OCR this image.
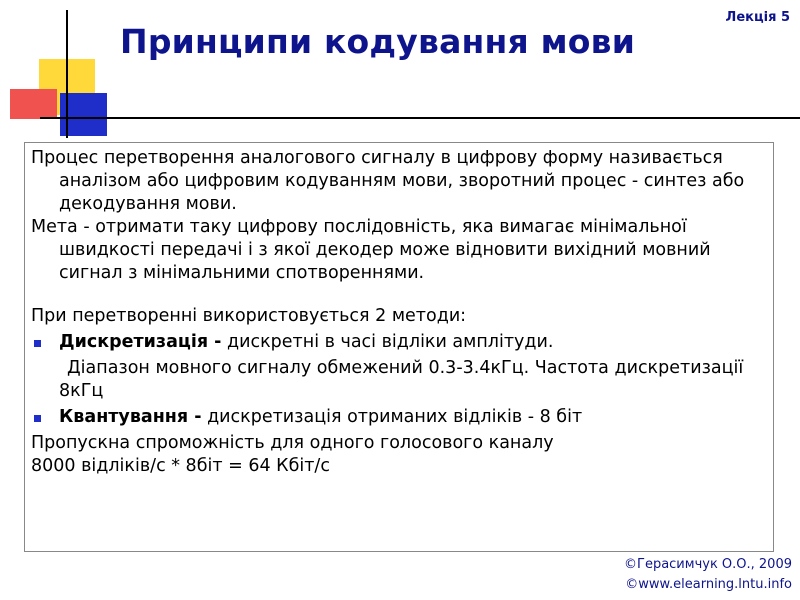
Лекція 5
Принципи кодування мови

Процес перетворення аналогового сигналу в цифрову форму називається аналізом або цифровим кодуванням мови, зворотний процес - синтез або декодування мови.

Мета - отримати таку цифрову послідовність, яка вимагає мінімальної швидкості передачі і з якої декодер може відновити вихідний мовний сигнал з мінімальними спотвореннями.

При перетворенні використовується 2 методи:

Дискретизація - дискретні в часі відліки амплітуди.

Діапазон мовного сигналу обмежений 0.3-3.4кГц. Частота дискретизації 8кГц

Квантування - дискретизація отриманих відліків - 8 біт

Пропускна спроможність для одного голосового каналу

8000 відліків/с * 8біт = 64 Кбіт/с

©Герасимчук О.О., 2009
©www.elearning.lntu.info
